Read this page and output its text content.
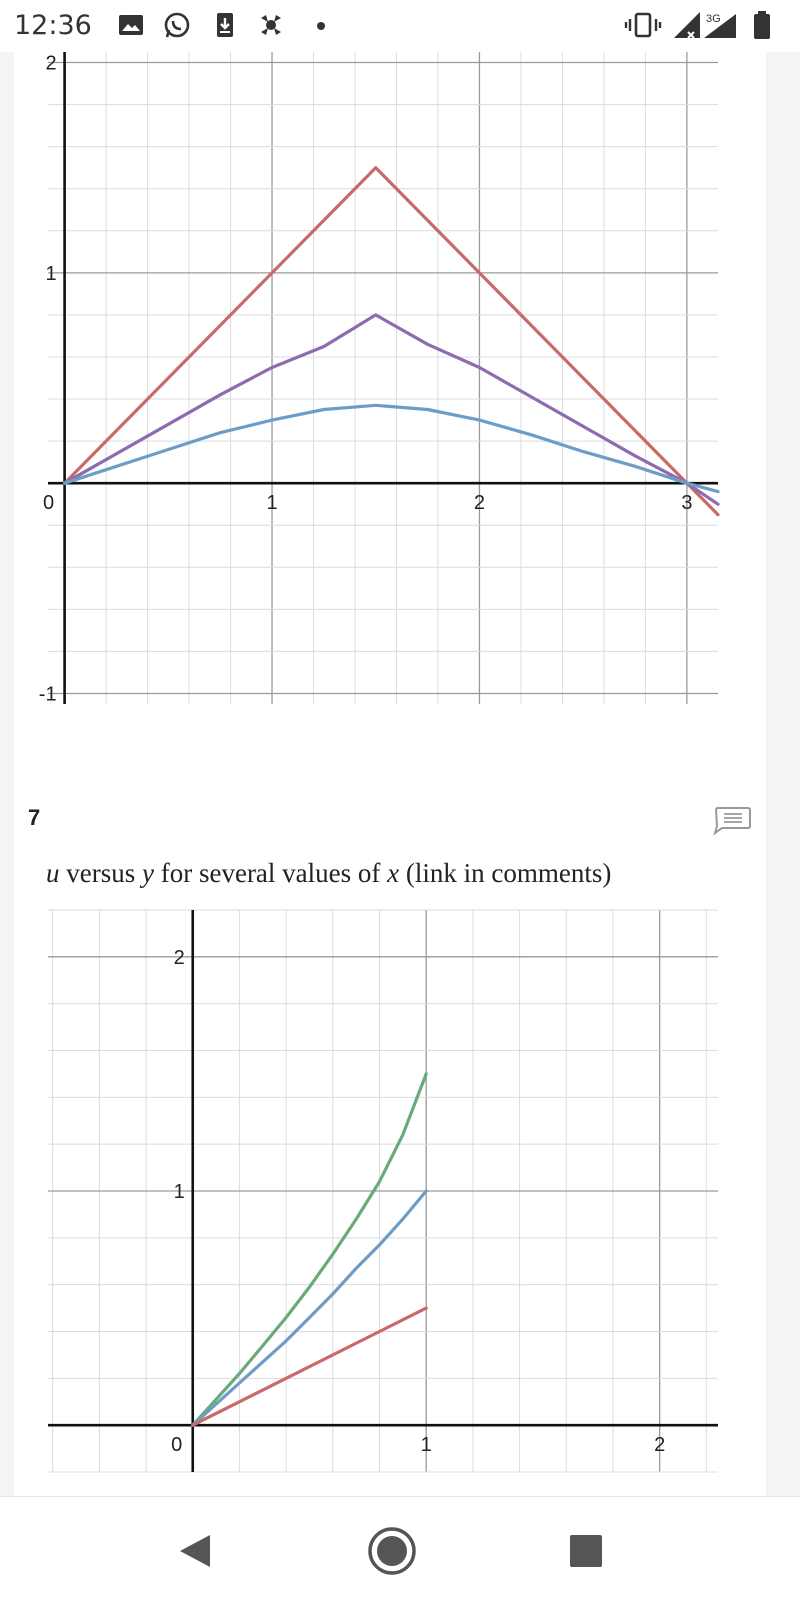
12:36	3G
0	1	2	3
2
1
-1
7
u versus y for several values of x (link in comments)
0	1	2
2
1
